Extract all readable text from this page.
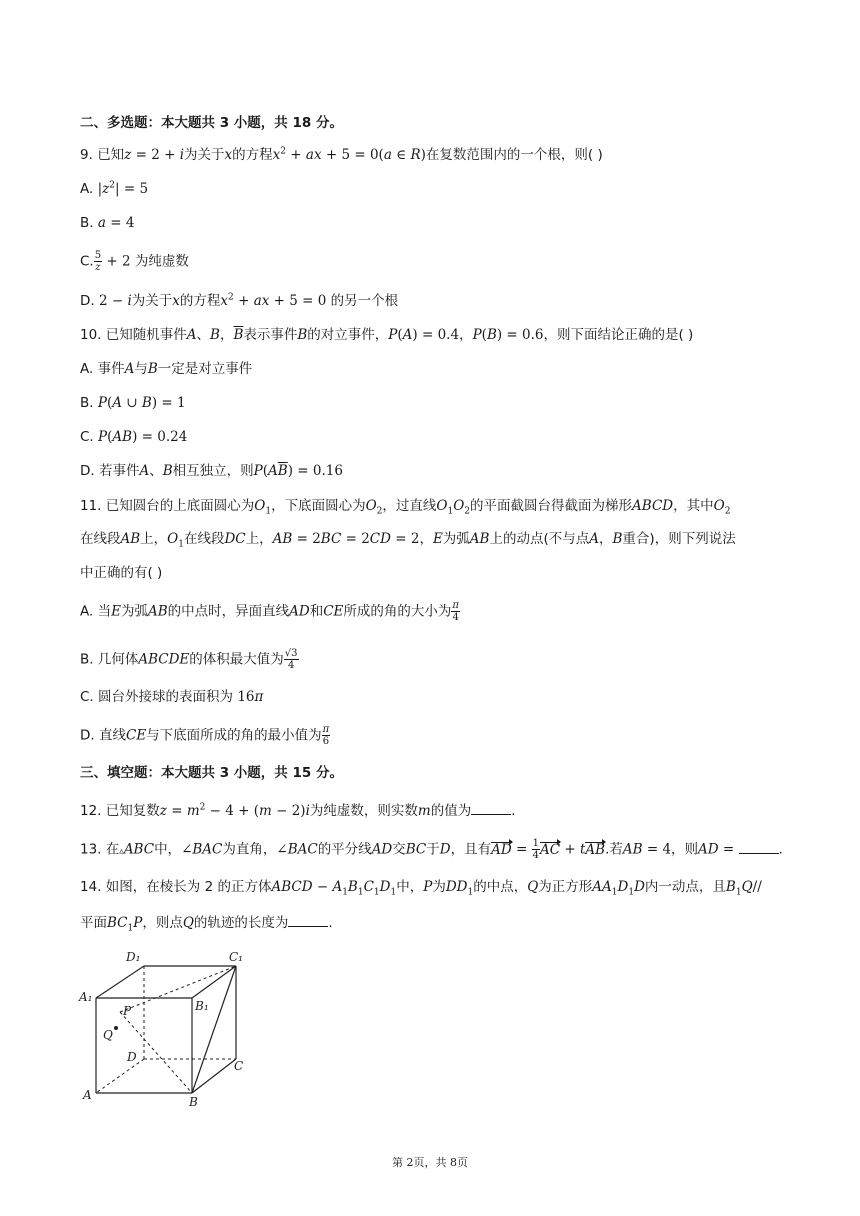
二、多选题：本大题共 3 小题，共 18 分。
9. 已知z = 2 + i为关于x的方程$x^2$ + ax + 5 = 0(a ∈ R)在复数范围内的一个根，则( )
A. $|z^2| = 5$
B. a = 4
C. $\frac{5}{z} + 2$ 为纯虚数
D. 2 − i为关于x的方程$x^2$ + ax + 5 = 0 的另一个根
10. 已知随机事件A、B，$\overline{B}$表示事件B的对立事件，P(A) = 0.4，P(B) = 0.6，则下面结论正确的是( )
A. 事件A与B一定是对立事件
B. P(A ∪ B) = 1
C. P(AB) = 0.24
D. 若事件A、B相互独立，则$P(A\overline{B}) = 0.16$
11. 已知圆台的上底面圆心为$O_1$，下底面圆心为$O_2$，过直线$O_1O_2$的平面截圆台得截面为梯形ABCD，其中$O_2$
在线段AB上，$O_1$在线段DC上，AB = 2BC = 2CD = 2，E为弧AB上的动点(不与点A，B重合)，则下列说法
中正确的有( )
A. 当E为弧AB的中点时，异面直线AD和CE所成的角的大小为 $\frac{\pi}{4}$
B. 几何体ABCDE的体积最大值为 $\frac{√3}{4}$
C. 圆台外接球的表面积为 16π
D. 直线CE与下底面所成的角的最小值为 $\frac{\pi}{6}$
三、填空题：本大题共 3 小题，共 15 分。
12. 已知复数$z = m^2 - 4 + (m - 2)i$为纯虚数，则实数m的值为	.
13. 在▵ABC中，∠BAC为直角，∠BAC的平分线AD交BC于D，且有AD = $\frac{1}{4}$ AC + tAB.若AB = 4，则AD =	.
14. 如图，在棱长为 2 的正方体ABCD − $A_1B_1C_1D_1$中，P为$DD_1$的中点，Q为正方形$AA_1D_1D$内一动点，且$B_1Q//$
平面$BC_1P$，则点Q的轨迹的长度为	.
D₁	C₁
A₁
B₁
P
Q
D
C
A	B
第 2页，共 8页
